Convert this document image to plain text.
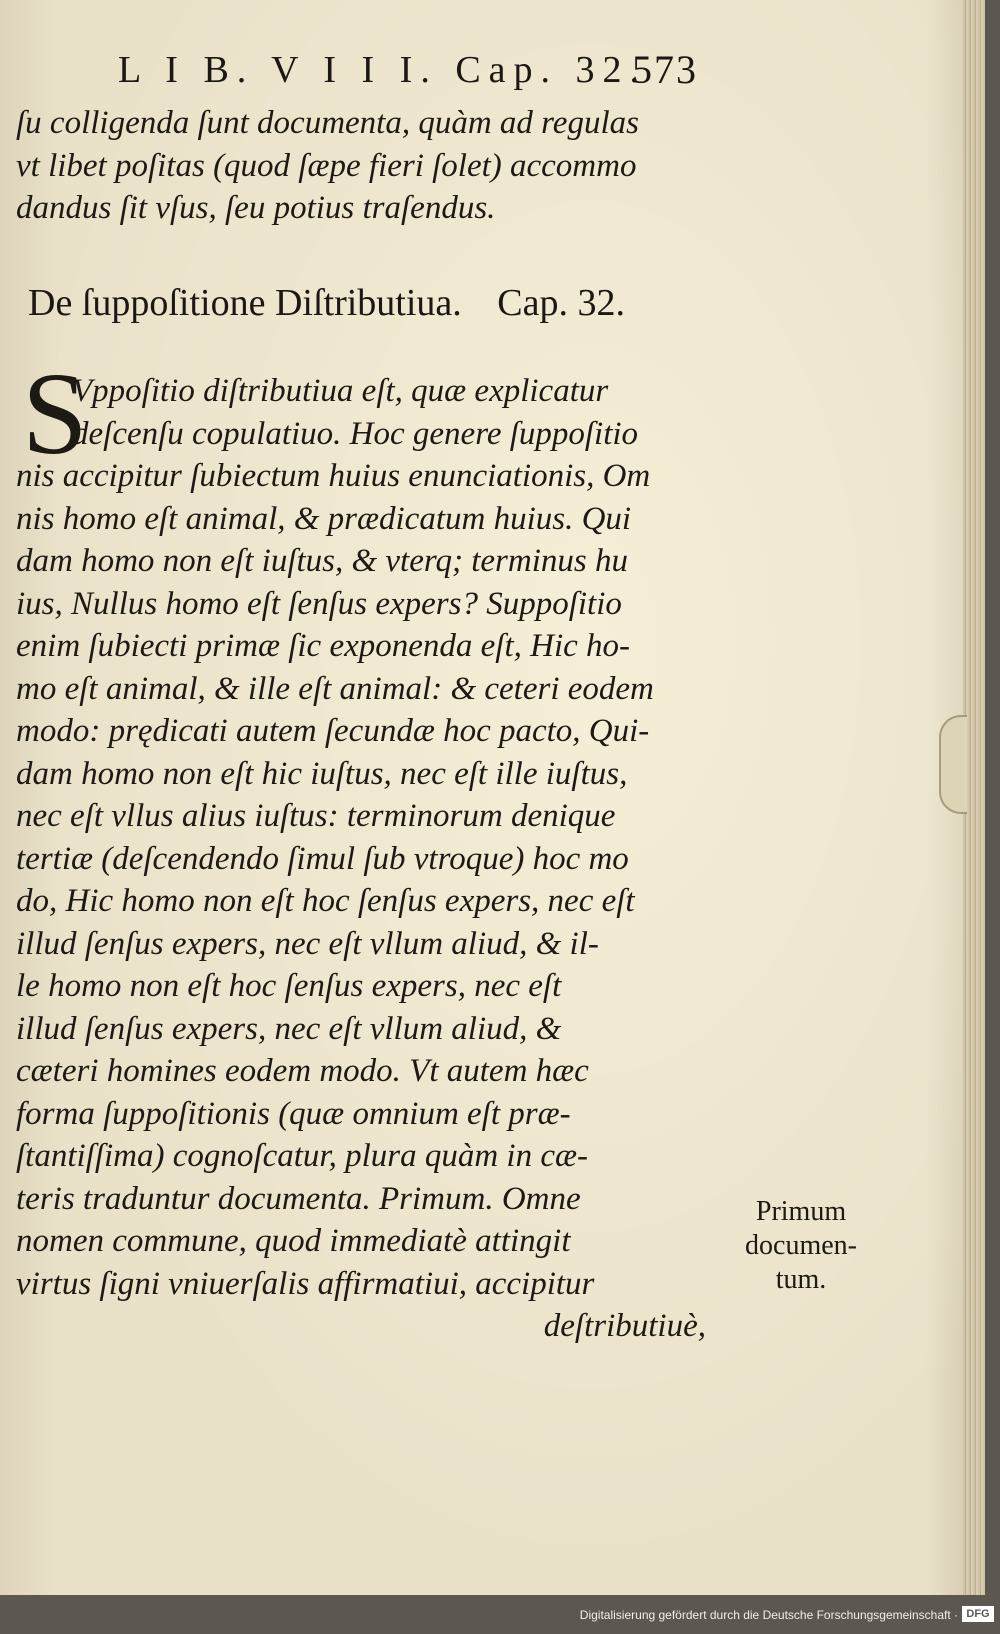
L I B. V I I I. Cap. 32.
573
ſu colligenda ſunt documenta, quàm ad regulas
vt libet poſitas (quod ſæpe fieri ſolet) accommo
dandus ſit vſus, ſeu potius traſendus.
De ſuppoſitione Diſtributiua. Cap. 32.
S
Vppoſitio diſtributiua eſt, quæ explicatur
deſcenſu copulatiuo. Hoc genere ſuppoſitio
nis accipitur ſubiectum huius enunciationis, Om
nis homo eſt animal, & prædicatum huius. Qui
dam homo non eſt iuſtus, & vterq; terminus hu
ius, Nullus homo eſt ſenſus expers? Suppoſitio
enim ſubiecti primæ ſic exponenda eſt, Hic ho-
mo eſt animal, & ille eſt animal: & ceteri eodem
modo: prędicati autem ſecundæ hoc pacto, Qui-
dam homo non eſt hic iuſtus, nec eſt ille iuſtus,
nec eſt vllus alius iuſtus: terminorum denique
tertiæ (deſcendendo ſimul ſub vtroque) hoc mo
do, Hic homo non eſt hoc ſenſus expers, nec eſt
illud ſenſus expers, nec eſt vllum aliud, & il-
le homo non eſt hoc ſenſus expers, nec eſt
illud ſenſus expers, nec eſt vllum aliud, &
cæteri homines eodem modo. Vt autem hæc
forma ſuppoſitionis (quæ omnium eſt præ-
ſtantiſſima) cognoſcatur, plura quàm in cæ-
teris traduntur documenta. Primum. Omne
nomen commune, quod immediatè attingit
virtus ſigni vniuerſalis affirmatiui, accipitur
deſtributiuè,
Primum
documen-
tum.
Digitalisierung gefördert durch die Deutsche Forschungsgemeinschaft · DFG
